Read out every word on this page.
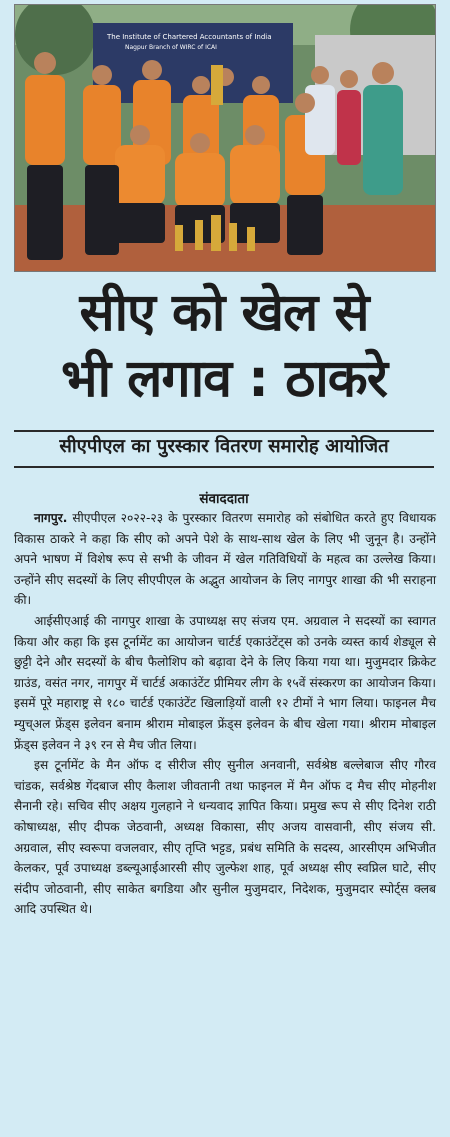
The Institute of Chartered Accountants of India
Nagpur Branch of WIRC of ICAI
सीए को खेल से
भी लगाव : ठाकरे
सीएपीएल का पुरस्कार वितरण समारोह आयोजित
संवाददाता

नागपुर. सीएपीएल २०२२-२३ के पुरस्कार वितरण समारोह को संबोधित करते हुए विधायक विकास ठाकरे ने कहा कि सीए को अपने पेशे के साथ-साथ खेल के लिए भी जुनून है। उन्होंने अपने भाषण में विशेष रूप से सभी के जीवन में खेल गतिविधियों के महत्व का उल्लेख किया। उन्होंने सीए सदस्यों के लिए सीएपीएल के अद्भुत आयोजन के लिए नागपुर शाखा की भी सराहना की।

आईसीएआई की नागपुर शाखा के उपाध्यक्ष सए संजय एम. अग्रवाल ने सदस्यों का स्वागत किया और कहा कि इस टूर्नामेंट का आयोजन चार्टर्ड एकाउंटेंट्स को उनके व्यस्त कार्य शेड्यूल से छुट्टी देने और सदस्यों के बीच फैलोशिप को बढ़ावा देने के लिए किया गया था। मुजुमदार क्रिकेट ग्राउंड, वसंत नगर, नागपुर में चार्टर्ड अकाउंटेंट प्रीमियर लीग के १५वें संस्करण का आयोजन किया। इसमें पूरे महाराष्ट्र से १८० चार्टर्ड एकाउंटेंट खिलाड़ियों वाली १२ टीमों ने भाग लिया। फाइनल मैच म्युच्अल फ्रेंड्स इलेवन बनाम श्रीराम मोबाइल फ्रेंड्स इलेवन के बीच खेला गया। श्रीराम मोबाइल फ्रेंड्स इलेवन ने ३९ रन से मैच जीत लिया।

इस टूर्नामेंट के मैन ऑफ द सीरीज सीए सुनील अनवानी, सर्वश्रेष्ठ बल्लेबाज सीए गौरव चांडक, सर्वश्रेष्ठ गेंदबाज सीए कैलाश जीवतानी तथा फाइनल में मैन ऑफ द मैच सीए मोहनीश सैनानी रहे। सचिव सीए अक्षय गुलहाने ने धन्यवाद ज्ञापित किया। प्रमुख रूप से सीए दिनेश राठी कोषाध्यक्ष, सीए दीपक जेठवानी, अध्यक्ष विकासा, सीए अजय वासवानी, सीए संजय सी. अग्रवाल, सीए स्वरूपा वजलवार, सीए तृप्ति भट्टड, प्रबंध समिति के सदस्य, आरसीएम अभिजीत केलकर, पूर्व उपाध्यक्ष डब्ल्यूआईआरसी सीए जुल्फेश शाह, पूर्व अध्यक्ष सीए स्वप्निल घाटे, सीए संदीप जोठवानी, सीए साकेत बगडिया और सुनील मुजुमदार, निदेशक, मुजुमदार स्पोर्ट्स क्लब आदि उपस्थित थे।
